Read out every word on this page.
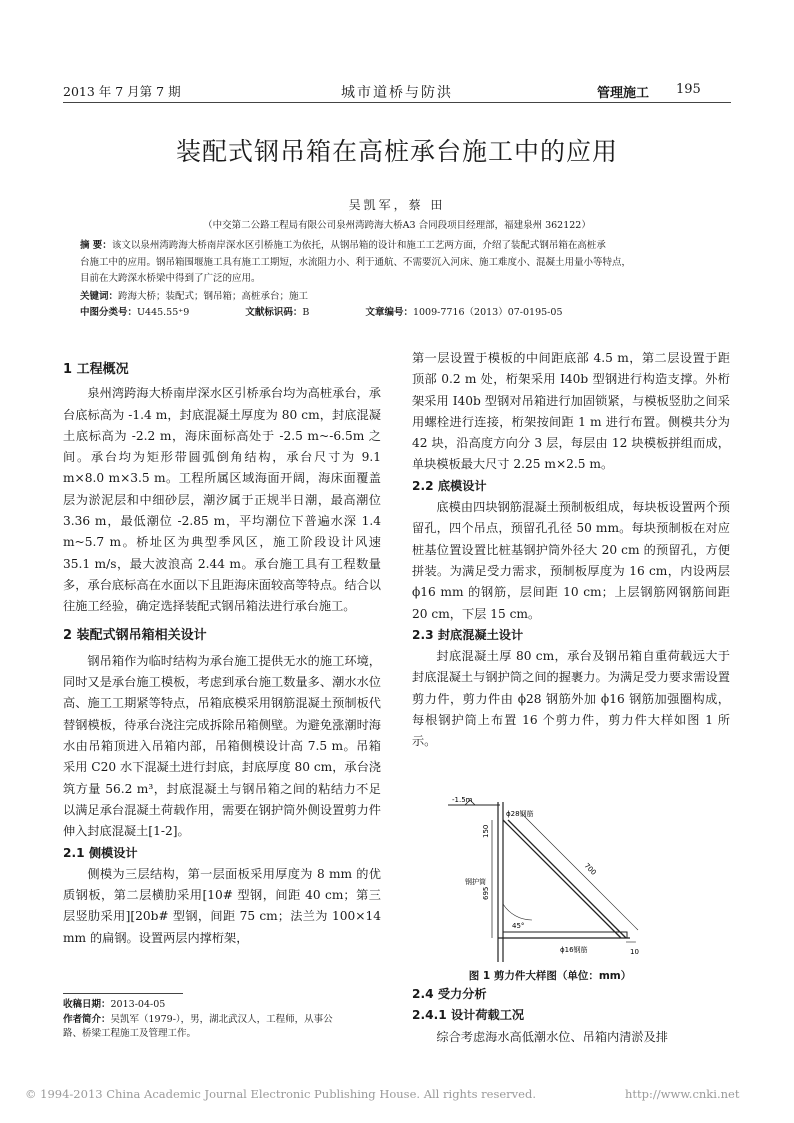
2013 年 7 月第 7 期	城市道桥与防洪	管理施工 195
装配式钢吊箱在高桩承台施工中的应用
吴凯军，蔡 田
（中交第二公路工程局有限公司泉州湾跨海大桥A3 合同段项目经理部，福建泉州 362122）
摘 要：该文以泉州湾跨海大桥南岸深水区引桥施工为依托，从钢吊箱的设计和施工工艺两方面，介绍了装配式钢吊箱在高桩承
台施工中的应用。钢吊箱围堰施工具有施工工期短，水流阻力小、利于通航、不需要沉入河床、施工难度小、混凝土用量小等特点，
目前在大跨深水桥梁中得到了广泛的应用。
关键词：跨海大桥；装配式；钢吊箱；高桩承台；施工
中图分类号：U445.55⁺9	文献标识码：B	文章编号：1009-7716（2013）07-0195-05
1 工程概况

泉州湾跨海大桥南岸深水区引桥承台均为高桩承台，承台底标高为 -1.4 m，封底混凝土厚度为 80 cm，封底混凝土底标高为 -2.2 m，海床面标高处于 -2.5 m~-6.5m 之间。承台均为矩形带圆弧倒角结构，承台尺寸为 9.1 m×8.0 m×3.5 m。工程所属区域海面开阔，海床面覆盖层为淤泥层和中细砂层，潮汐属于正规半日潮，最高潮位 3.36 m，最低潮位 -2.85 m，平均潮位下普遍水深 1.4 m~5.7 m。桥址区为典型季风区，施工阶段设计风速 35.1 m/s，最大波浪高 2.44 m。承台施工具有工程数量多，承台底标高在水面以下且距海床面较高等特点。结合以往施工经验，确定选择装配式钢吊箱法进行承台施工。

2 装配式钢吊箱相关设计

钢吊箱作为临时结构为承台施工提供无水的施工环境，同时又是承台施工模板，考虑到承台施工数量多、潮水水位高、施工工期紧等特点，吊箱底模采用钢筋混凝土预制板代替钢模板，待承台浇注完成拆除吊箱侧壁。为避免涨潮时海水由吊箱顶进入吊箱内部，吊箱侧模设计高 7.5 m。吊箱采用 C20 水下混凝土进行封底，封底厚度 80 cm，承台浇筑方量 56.2 m³，封底混凝土与钢吊箱之间的粘结力不足以满足承台混凝土荷载作用，需要在钢护筒外侧设置剪力件伸入封底混凝土[1-2]。

2.1 侧模设计

侧模为三层结构，第一层面板采用厚度为 8 mm 的优质钢板，第二层横肋采用[10# 型钢，间距 40 cm；第三层竖肋采用][20b# 型钢，间距 75 cm；法兰为 100×14 mm 的扁钢。设置两层内撑桁架，

第一层设置于模板的中间距底部 4.5 m，第二层设置于距顶部 0.2 m 处，桁架采用 I40b 型钢进行构造支撑。外桁架采用 I40b 型钢对吊箱进行加固锁紧，与模板竖肋之间采用螺栓进行连接，桁架按间距 1 m 进行布置。侧模共分为 42 块，沿高度方向分 3 层，每层由 12 块模板拼组而成，单块模板最大尺寸 2.25 m×2.5 m。

2.2 底模设计

底模由四块钢筋混凝土预制板组成，每块板设置两个预留孔，四个吊点，预留孔孔径 50 mm。每块预制板在对应桩基位置设置比桩基钢护筒外径大 20 cm 的预留孔，方便拼装。为满足受力需求，预制板厚度为 16 cm，内设两层 ϕ16 mm 的钢筋，层间距 10 cm；上层钢筋网钢筋间距 20 cm，下层 15 cm。

2.3 封底混凝土设计

封底混凝土厚 80 cm，承台及钢吊箱自重荷载远大于封底混凝土与钢护筒之间的握裹力。为满足受力要求需设置剪力件，剪力件由 ϕ28 钢筋外加 ϕ16 钢筋加强圈构成，每根钢护筒上布置 16 个剪力件，剪力件大样如图 1 所示。

-1.5m
150
695
700
45°
ϕ28钢筋
钢护筒
ϕ16钢筋	10
图 1 剪力件大样图（单位：mm）
2.4 受力分析
2.4.1 设计荷载工况

综合考虑海水高低潮水位、吊箱内清淤及排

收稿日期：2013-04-05
作者简介：吴凯军（1979-），男，湖北武汉人，工程师，从事公
路、桥梁工程施工及管理工作。
© 1994-2013 China Academic Journal Electronic Publishing House. All rights reserved.	http://www.cnki.net
